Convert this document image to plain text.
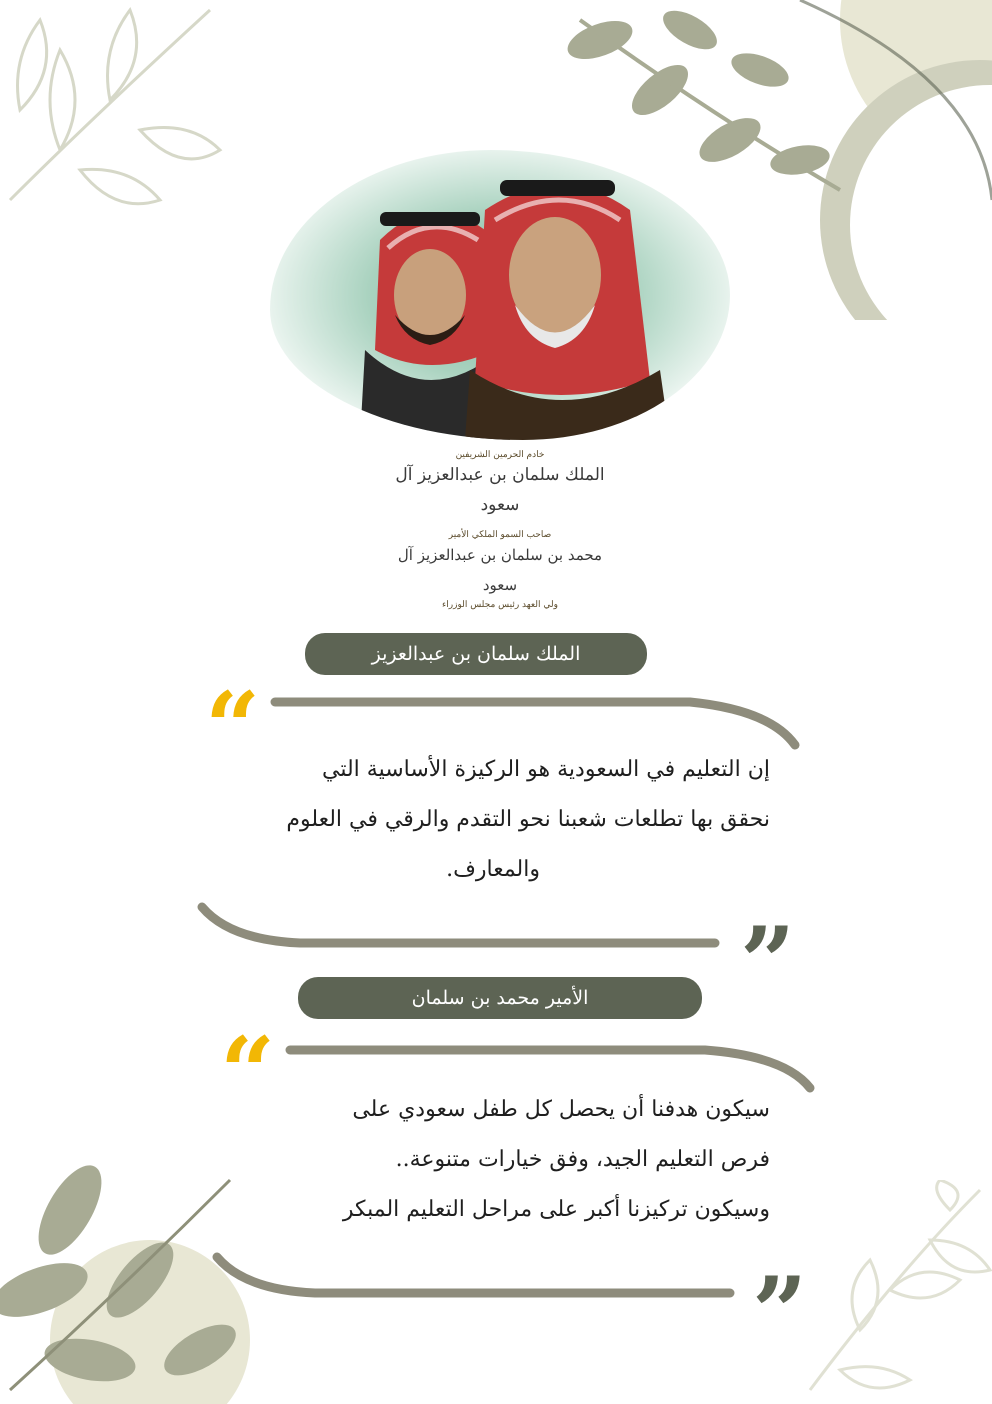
خادم الحرمين الشريفين
الملك سلمان بن عبدالعزيز آل سعود
صاحب السمو الملكي الأمير
محمد بن سلمان بن عبدالعزيز آل سعود
ولي العهد رئيس مجلس الوزراء
الملك سلمان بن عبدالعزيز
“	إن التعليم في السعودية هو الركيزة الأساسية التي
نحقق بها تطلعات شعبنا نحو التقدم والرقي في العلوم
والمعارف.
”
الأمير محمد بن سلمان
“	سيكون هدفنا أن يحصل كل طفل سعودي على
فرص التعليم الجيد، وفق خيارات متنوعة..
وسيكون تركيزنا أكبر على مراحل التعليم المبكر
”
